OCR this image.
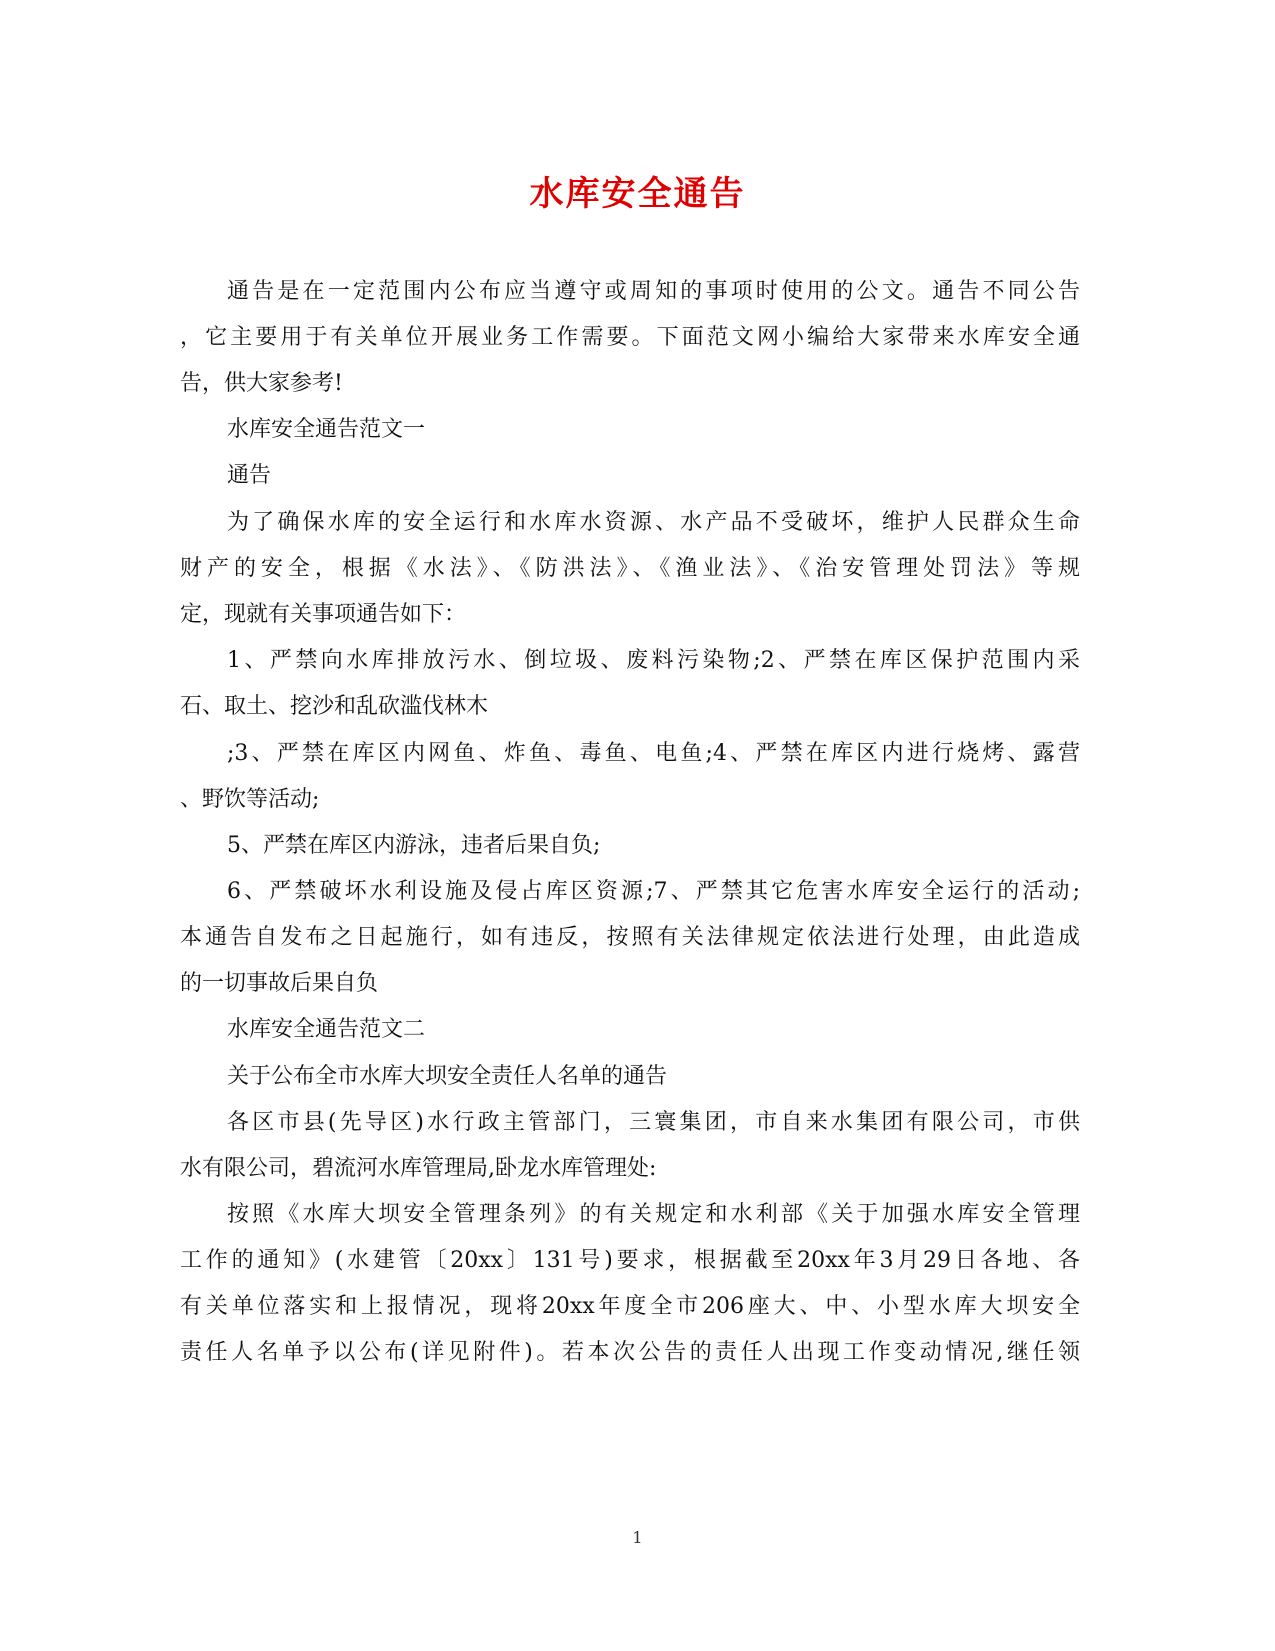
水库安全通告
通告是在一定范围内公布应当遵守或周知的事项时使用的公文。通告不同公告
，它主要用于有关单位开展业务工作需要。下面范文网小编给大家带来水库安全通
告，供大家参考!
水库安全通告范文一
通告
为了确保水库的安全运行和水库水资源、水产品不受破坏，维护人民群众生命
财产的安全，根据《水法》、《防洪法》、《渔业法》、《治安管理处罚法》等规
定，现就有关事项通告如下：
1、严禁向水库排放污水、倒垃圾、废料污染物;2、严禁在库区保护范围内采
石、取土、挖沙和乱砍滥伐林木
;3、严禁在库区内网鱼、炸鱼、毒鱼、电鱼;4、严禁在库区内进行烧烤、露营
、野饮等活动;
5、严禁在库区内游泳，违者后果自负;
6、严禁破坏水利设施及侵占库区资源;7、严禁其它危害水库安全运行的活动;
本通告自发布之日起施行，如有违反，按照有关法律规定依法进行处理，由此造成
的一切事故后果自负
水库安全通告范文二
关于公布全市水库大坝安全责任人名单的通告
各区市县(先导区)水行政主管部门，三寰集团，市自来水集团有限公司，市供
水有限公司，碧流河水库管理局,卧龙水库管理处:
按照《水库大坝安全管理条列》的有关规定和水利部《关于加强水库安全管理
工作的通知》(水建管〔20xx〕131号)要求，根据截至20xx年3月29日各地、各
有关单位落实和上报情况，现将20xx年度全市206座大、中、小型水库大坝安全
责任人名单予以公布(详见附件)。若本次公告的责任人出现工作变动情况,继任领
1
